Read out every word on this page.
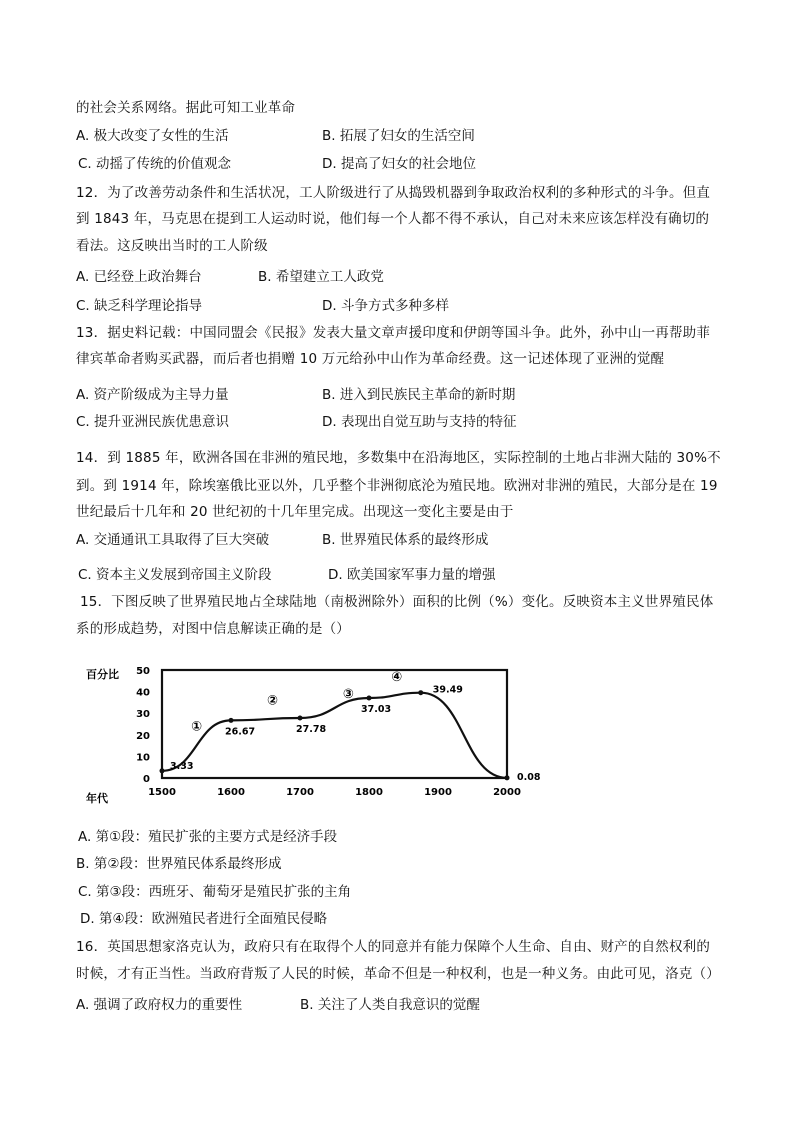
的社会关系网络。据此可知工业革命
A. 极大改变了女性的生活	B. 拓展了妇女的生活空间
C. 动摇了传统的价值观念	D. 提高了妇女的社会地位
12．为了改善劳动条件和生活状况，工人阶级进行了从捣毁机器到争取政治权利的多种形式的斗争。但直
到 1843 年，马克思在提到工人运动时说，他们每一个人都不得不承认，自己对未来应该怎样没有确切的
看法。这反映出当时的工人阶级
A. 已经登上政治舞台	B. 希望建立工人政党
C. 缺乏科学理论指导	D. 斗争方式多种多样
13．据史料记载：中国同盟会《民报》发表大量文章声援印度和伊朗等国斗争。此外，孙中山一再帮助菲
律宾革命者购买武器，而后者也捐赠 10 万元给孙中山作为革命经费。这一记述体现了亚洲的觉醒
A. 资产阶级成为主导力量	B. 进入到民族民主革命的新时期
C. 提升亚洲民族优患意识	D. 表现出自觉互助与支持的特征
14．到 1885 年，欧洲各国在非洲的殖民地，多数集中在沿海地区，实际控制的土地占非洲大陆的 30%不
到。到 1914 年，除埃塞俄比亚以外，几乎整个非洲彻底沦为殖民地。欧洲对非洲的殖民，大部分是在 19
世纪最后十几年和 20 世纪初的十几年里完成。出现这一变化主要是由于
A. 交通通讯工具取得了巨大突破	B. 世界殖民体系的最终形成
C. 资本主义发展到帝国主义阶段	D. 欧美国家军事力量的增强
15．下图反映了世界殖民地占全球陆地（南极洲除外）面积的比例（%）变化。反映资本主义世界殖民体
系的形成趋势，对图中信息解读正确的是（）
百分比
0
10
20
30
40
50
1500	1600	1700	1800	1900	2000
年代
3.33
26.67	27.78
37.03
39.49
0.08
①
②	③
④
A. 第①段：殖民扩张的主要方式是经济手段
B. 第②段：世界殖民体系最终形成
C. 第③段：西班牙、葡萄牙是殖民扩张的主角
D. 第④段：欧洲殖民者进行全面殖民侵略
16．英国思想家洛克认为，政府只有在取得个人的同意并有能力保障个人生命、自由、财产的自然权利的
时候，才有正当性。当政府背叛了人民的时候，革命不但是一种权利，也是一种义务。由此可见，洛克（）
A. 强调了政府权力的重要性	B. 关注了人类自我意识的觉醒
